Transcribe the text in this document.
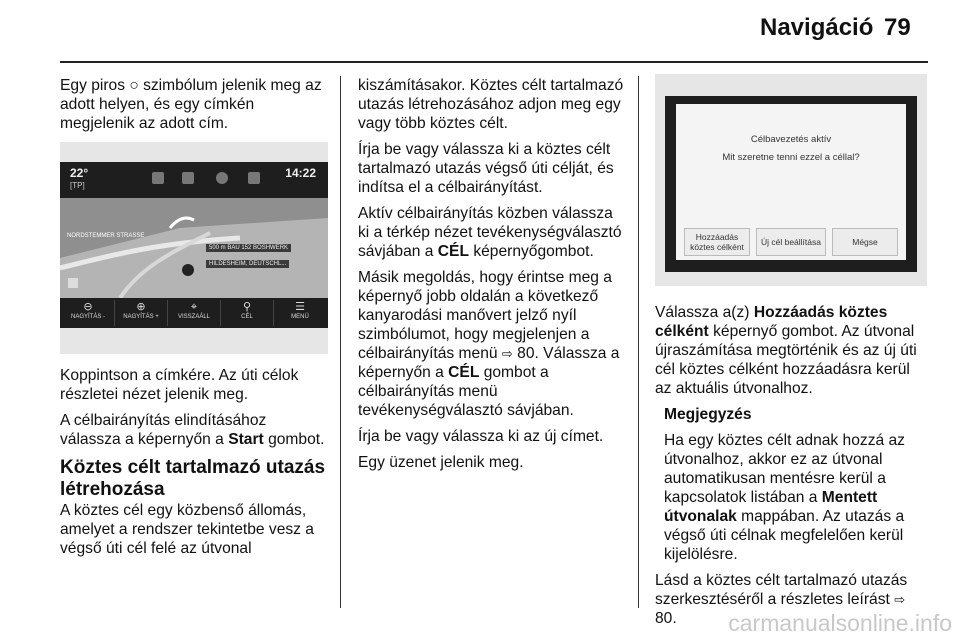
Navigáció 79

Egy piros ○ szimbólum jelenik meg az adott helyen, és egy címkén megjelenik az adott cím.

22°
[TP]
14:22
NORDSTEMMER STRASSE
500 m BAU 152 BOSHWERK
HILDESHEIM, DEUTSCHL...
⊖
NAGYÍTÁS -
⊕
NAGYÍTÁS +
⌖
VISSZAÁLL
⚲
CÉL
☰
MENÜ

Koppintson a címkére. Az úti célok részletei nézet jelenik meg.

A célbairányítás elindításához válassza a képernyőn a Start gombot.

Köztes célt tartalmazó utazás létrehozása

A köztes cél egy közbenső állomás, amelyet a rendszer tekintetbe vesz a végső úti cél felé az útvonal

kiszámításakor. Köztes célt tartalmazó utazás létrehozásához adjon meg egy vagy több köztes célt.

Írja be vagy válassza ki a köztes célt tartalmazó utazás végső úti célját, és indítsa el a célbairányítást.

Aktív célbairányítás közben válassza ki a térkép nézet tevékenységválasztó sávjában a CÉL képernyőgombot.

Másik megoldás, hogy érintse meg a képernyő jobb oldalán a következő kanyarodási manővert jelző nyíl szimbólumot, hogy megjelenjen a célbairányítás menü ⇨ 80. Válassza a képernyőn a CÉL gombot a célbairányítás menü tevékenységválasztó sávjában.

Írja be vagy válassza ki az új címet.

Egy üzenet jelenik meg.

Célbavezetés aktív
Mit szeretne tenni ezzel a céllal?
Hozzáadás köztes célként	Új cél beállítása	Mégse

Válassza a(z) Hozzáadás köztes célként képernyő gombot. Az útvonal újraszámítása megtörténik és az új úti cél köztes célként hozzáadásra kerül az aktuális útvonalhoz.

Megjegyzés

Ha egy köztes célt adnak hozzá az útvonalhoz, akkor ez az útvonal automatikusan mentésre kerül a kapcsolatok listában a Mentett útvonalak mappában. Az utazás a végső úti célnak megfelelően kerül kijelölésre.

Lásd a köztes célt tartalmazó utazás szerkesztéséről a részletes leírást ⇨ 80.	carmanualsonline.info
